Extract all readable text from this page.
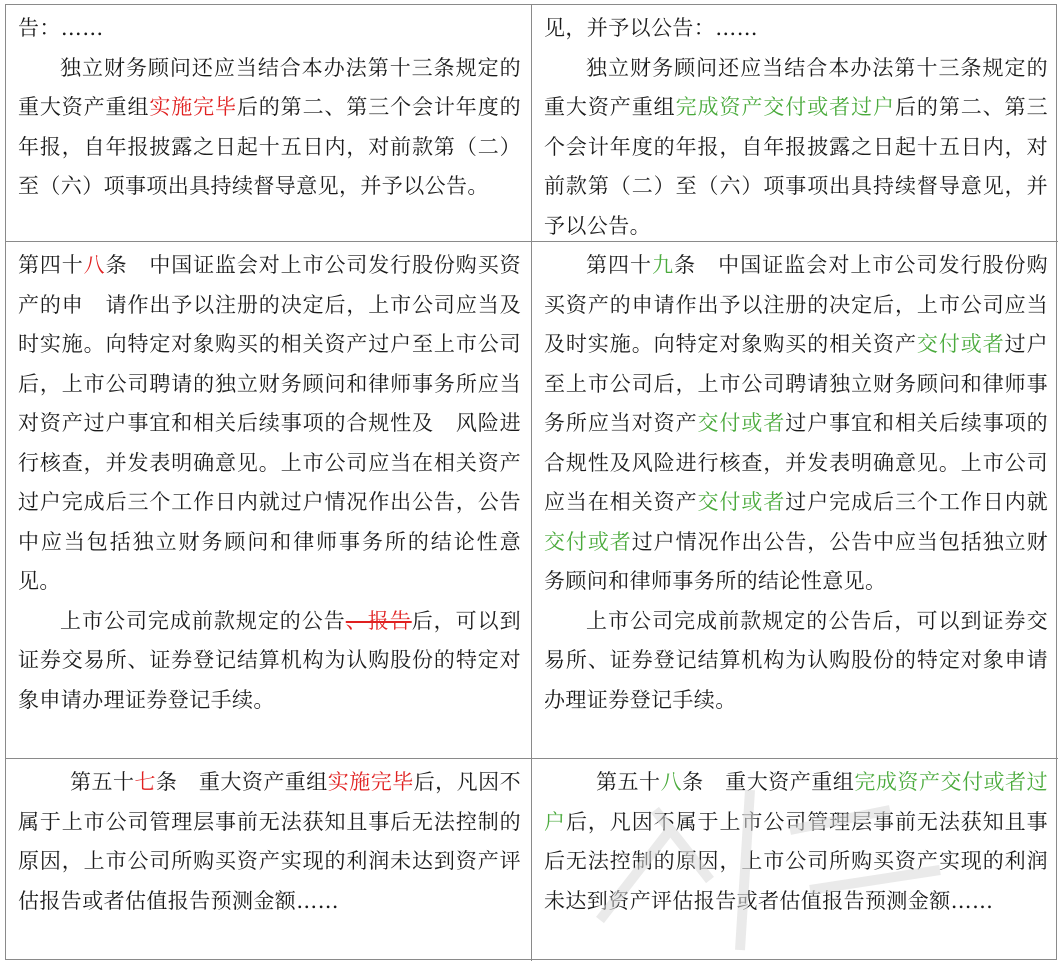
告：……

独立财务顾问还应当结合本办法第十三条规定的重大资产重组实施完毕后的第二、第三个会计年度的年报，自年报披露之日起十五日内，对前款第（二）至（六）项事项出具持续督导意见，并予以公告。

见，并予以公告：……

独立财务顾问还应当结合本办法第十三条规定的重大资产重组完成资产交付或者过户后的第二、第三个会计年度的年报，自年报披露之日起十五日内，对前款第（二）至（六）项事项出具持续督导意见，并予以公告。

第四十八条　中国证监会对上市公司发行股份购买资产的申　请作出予以注册的决定后，上市公司应当及时实施。向特定对象购买的相关资产过户至上市公司后，上市公司聘请的独立财务顾问和律师事务所应当对资产过户事宜和相关后续事项的合规性及　风险进行核查，并发表明确意见。上市公司应当在相关资产过户完成后三个工作日内就过户情况作出公告，公告中应当包括独立财务顾问和律师事务所的结论性意见。

上市公司完成前款规定的公告、报告后，可以到证券交易所、证券登记结算机构为认购股份的特定对象申请办理证券登记手续。

第四十九条　中国证监会对上市公司发行股份购买资产的申请作出予以注册的决定后，上市公司应当及时实施。向特定对象购买的相关资产交付或者过户至上市公司后，上市公司聘请独立财务顾问和律师事务所应当对资产交付或者过户事宜和相关后续事项的合规性及风险进行核查，并发表明确意见。上市公司应当在相关资产交付或者过户完成后三个工作日内就交付或者过户情况作出公告，公告中应当包括独立财务顾问和律师事务所的结论性意见。

上市公司完成前款规定的公告后，可以到证券交易所、证券登记结算机构为认购股份的特定对象申请办理证券登记手续。

第五十七条　重大资产重组实施完毕后，凡因不属于上市公司管理层事前无法获知且事后无法控制的原因，上市公司所购买资产实现的利润未达到资产评估报告或者估值报告预测金额……

第五十八条　重大资产重组完成资产交付或者过户后，凡因不属于上市公司管理层事前无法获知且事后无法控制的原因，上市公司所购买资产实现的利润未达到资产评估报告或者估值报告预测金额……
